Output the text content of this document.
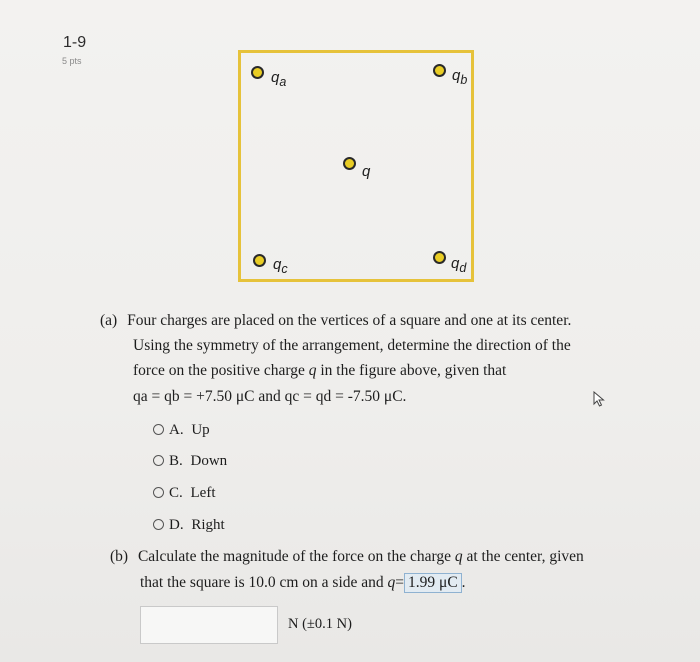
1-9
5 pts
$q_a$	$q_b$
q
$q_c$	$q_d$
(a) Four charges are placed on the vertices of a square and one at its center.
Using the symmetry of the arrangement, determine the direction of the
force on the positive charge q in the figure above, given that
qa = qb = +7.50 μC and qc = qd = -7.50 μC.
A. Up
B. Down
C. Left
D. Right
(b) Calculate the magnitude of the force on the charge q at the center, given
that the square is 10.0 cm on a side and q= 1.99 μC .
N (±0.1 N)
